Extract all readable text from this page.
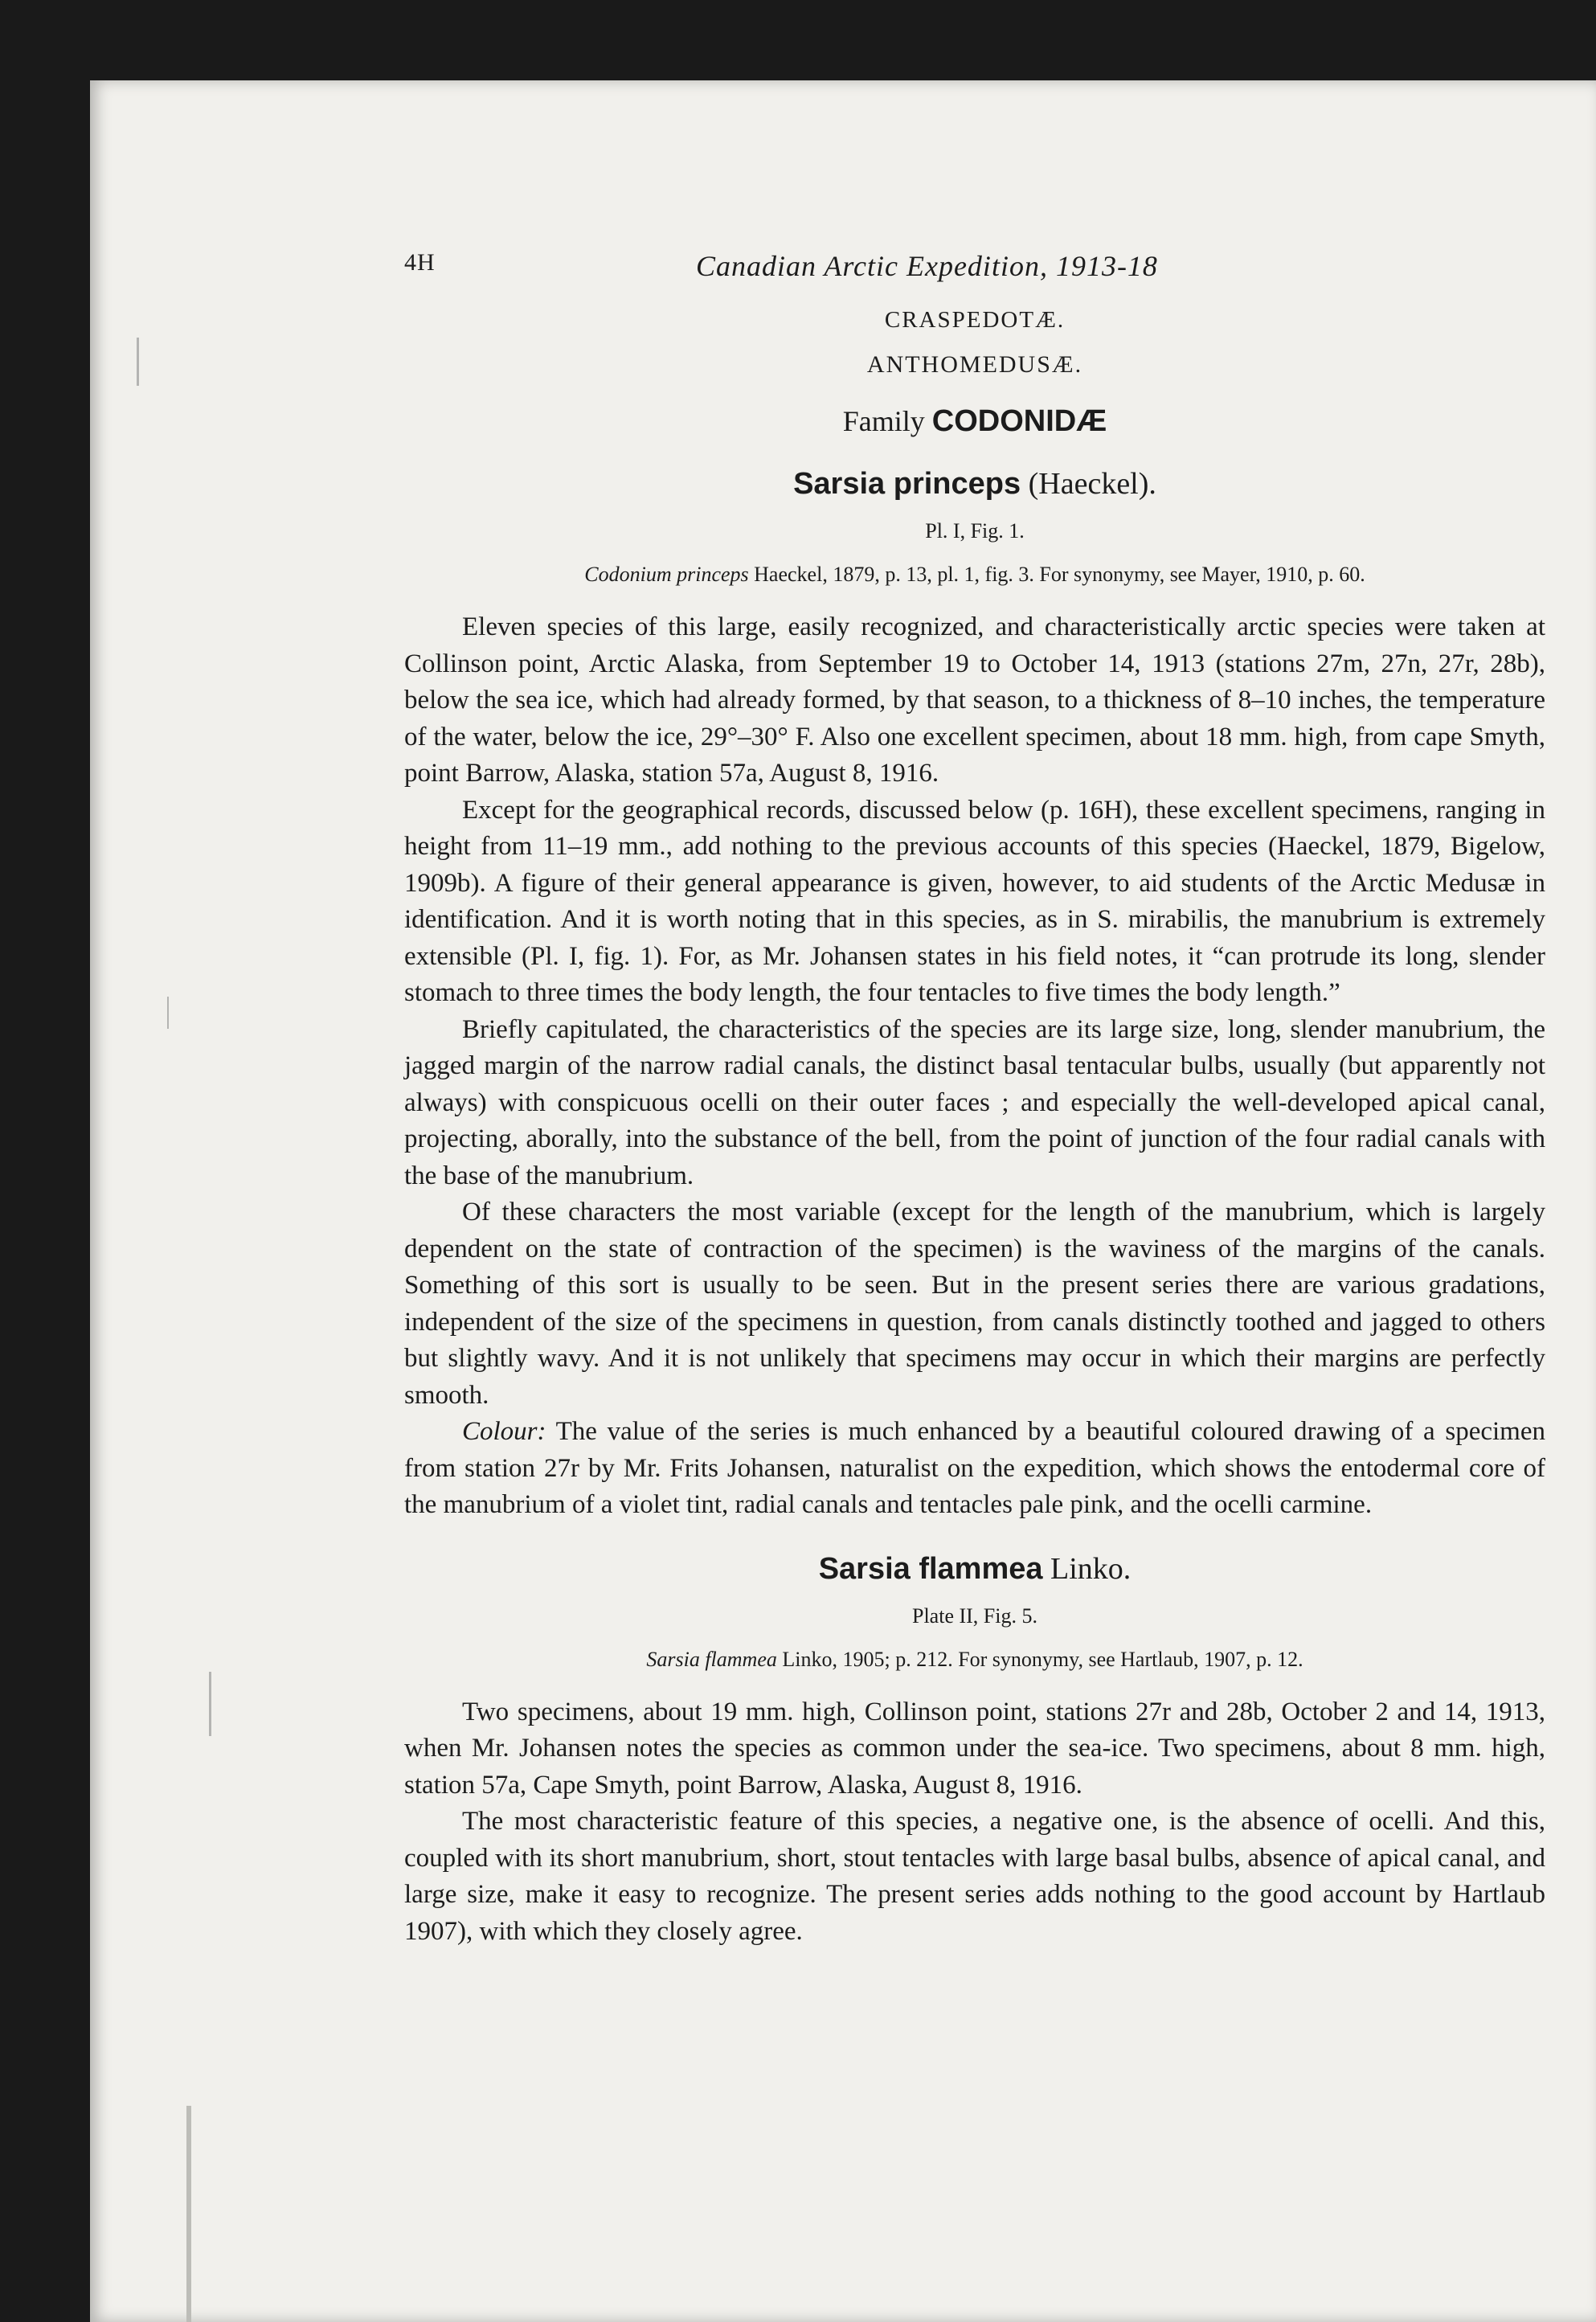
4H	Canadian Arctic Expedition, 1913-18
CRASPEDOTÆ.
ANTHOMEDUSÆ.
Family CODONIDÆ
Sarsia princeps (Haeckel).
Pl. I, Fig. 1.
Codonium princeps Haeckel, 1879, p. 13, pl. 1, fig. 3. For synonymy, see Mayer, 1910, p. 60.

Eleven species of this large, easily recognized, and characteristically arctic species were taken at Collinson point, Arctic Alaska, from September 19 to October 14, 1913 (stations 27m, 27n, 27r, 28b), below the sea ice, which had already formed, by that season, to a thickness of 8–10 inches, the temperature of the water, below the ice, 29°–30° F. Also one excellent specimen, about 18 mm. high, from cape Smyth, point Barrow, Alaska, station 57a, August 8, 1916.

Except for the geographical records, discussed below (p. 16H), these excellent specimens, ranging in height from 11–19 mm., add nothing to the previous accounts of this species (Haeckel, 1879, Bigelow, 1909b). A figure of their general appearance is given, however, to aid students of the Arctic Medusæ in identification. And it is worth noting that in this species, as in S. mirabilis, the manubrium is extremely extensible (Pl. I, fig. 1). For, as Mr. Johansen states in his field notes, it “can protrude its long, slender stomach to three times the body length, the four tentacles to five times the body length.”

Briefly capitulated, the characteristics of the species are its large size, long, slender manubrium, the jagged margin of the narrow radial canals, the distinct basal tentacular bulbs, usually (but apparently not always) with conspicuous ocelli on their outer faces ; and especially the well-developed apical canal, projecting, aborally, into the substance of the bell, from the point of junction of the four radial canals with the base of the manubrium.

Of these characters the most variable (except for the length of the manubrium, which is largely dependent on the state of contraction of the specimen) is the waviness of the margins of the canals. Something of this sort is usually to be seen. But in the present series there are various gradations, independent of the size of the specimens in question, from canals distinctly toothed and jagged to others but slightly wavy. And it is not unlikely that specimens may occur in which their margins are perfectly smooth.

Colour: The value of the series is much enhanced by a beautiful coloured drawing of a specimen from station 27r by Mr. Frits Johansen, naturalist on the expedition, which shows the entodermal core of the manubrium of a violet tint, radial canals and tentacles pale pink, and the ocelli carmine.

Sarsia flammea Linko.
Plate II, Fig. 5.
Sarsia flammea Linko, 1905; p. 212. For synonymy, see Hartlaub, 1907, p. 12.

Two specimens, about 19 mm. high, Collinson point, stations 27r and 28b, October 2 and 14, 1913, when Mr. Johansen notes the species as common under the sea-ice. Two specimens, about 8 mm. high, station 57a, Cape Smyth, point Barrow, Alaska, August 8, 1916.

The most characteristic feature of this species, a negative one, is the absence of ocelli. And this, coupled with its short manubrium, short, stout tentacles with large basal bulbs, absence of apical canal, and large size, make it easy to recognize. The present series adds nothing to the good account by Hartlaub 1907), with which they closely agree.
